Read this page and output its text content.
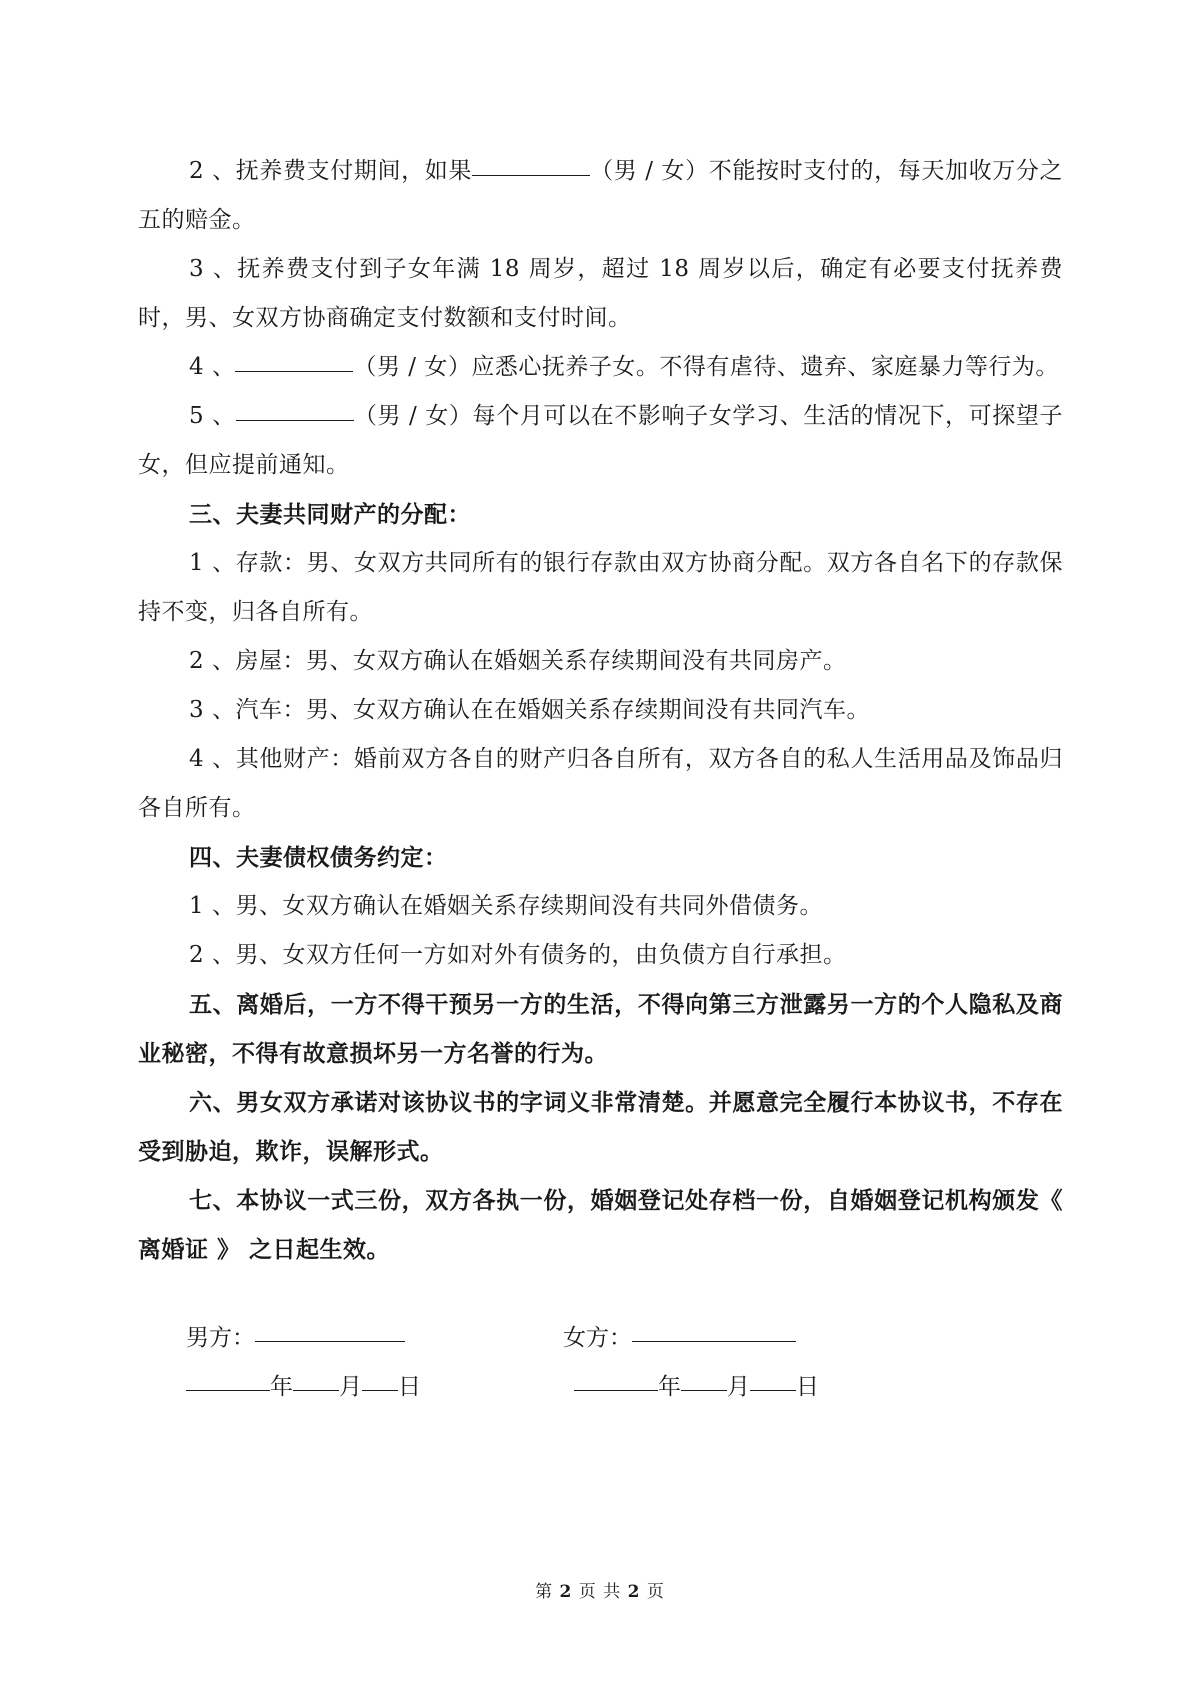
2 、抚养费支付期间，如果	（男 / 女）不能按时支付的，每天加收万分之五的赔金。

3 、抚养费支付到子女年满 18 周岁，超过 18 周岁以后，确定有必要支付抚养费时，男、女双方协商确定支付数额和支付时间。

4 、	（男 / 女）应悉心抚养子女。不得有虐待、遗弃、家庭暴力等行为。

5 、	（男 / 女）每个月可以在不影响子女学习、生活的情况下，可探望子女，但应提前通知。

三、夫妻共同财产的分配：

1 、存款：男、女双方共同所有的银行存款由双方协商分配。双方各自名下的存款保持不变，归各自所有。

2 、房屋：男、女双方确认在婚姻关系存续期间没有共同房产。

3 、汽车：男、女双方确认在在婚姻关系存续期间没有共同汽车。

4 、其他财产：婚前双方各自的财产归各自所有，双方各自的私人生活用品及饰品归各自所有。

四、夫妻债权债务约定：

1 、男、女双方确认在婚姻关系存续期间没有共同外借债务。

2 、男、女双方任何一方如对外有债务的，由负债方自行承担。

五、离婚后，一方不得干预另一方的生活，不得向第三方泄露另一方的个人隐私及商业秘密，不得有故意损坏另一方名誉的行为。

六、男女双方承诺对该协议书的字词义非常清楚。并愿意完全履行本协议书，不存在受到胁迫，欺诈，误解形式。

七、本协议一式三份，双方各执一份，婚姻登记处存档一份，自婚姻登记机构颁发《 离婚证 》 之日起生效。

男方：	女方：
年 月 日	年 月 日
第 2 页 共 2 页
